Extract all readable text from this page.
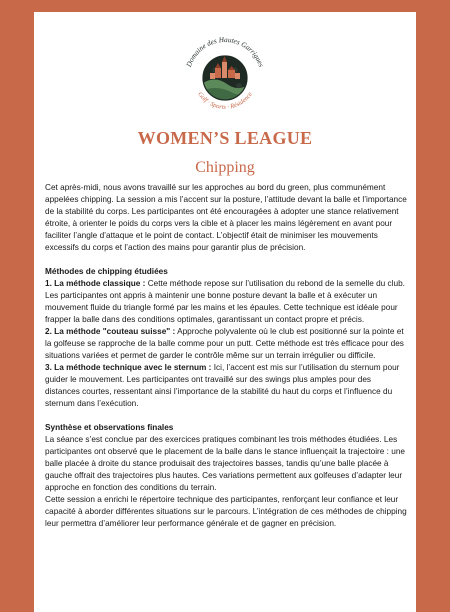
Domaine des Hautes Garrigues
Golf · Sports · Résidence
WOMEN’S LEAGUE
Chipping

Cet après-midi, nous avons travaillé sur les approches au bord du green, plus communément appelées chipping. La session a mis l’accent sur la posture, l’attitude devant la balle et l’importance de la stabilité du corps. Les participantes ont été encouragées à adopter une stance relativement étroite, à orienter le poids du corps vers la cible et à placer les mains légèrement en avant pour faciliter l’angle d’attaque et le point de contact. L’objectif était de minimiser les mouvements excessifs du corps et l’action des mains pour garantir plus de précision.

Méthodes de chipping étudiées

1. La méthode classique : Cette méthode repose sur l’utilisation du rebond de la semelle du club. Les participantes ont appris à maintenir une bonne posture devant la balle et à exécuter un mouvement fluide du triangle formé par les mains et les épaules. Cette technique est idéale pour frapper la balle dans des conditions optimales, garantissant un contact propre et précis.

2. La méthode "couteau suisse" : Approche polyvalente où le club est positionné sur la pointe et la golfeuse se rapproche de la balle comme pour un putt. Cette méthode est très efficace pour des situations variées et permet de garder le contrôle même sur un terrain irrégulier ou difficile.

3. La méthode technique avec le sternum : Ici, l’accent est mis sur l’utilisation du sternum pour guider le mouvement. Les participantes ont travaillé sur des swings plus amples pour des distances courtes, ressentant ainsi l’importance de la stabilité du haut du corps et l’influence du sternum dans l’exécution.

Synthèse et observations finales

La séance s’est conclue par des exercices pratiques combinant les trois méthodes étudiées. Les participantes ont observé que le placement de la balle dans le stance influençait la trajectoire : une balle placée à droite du stance produisait des trajectoires basses, tandis qu’une balle placée à gauche offrait des trajectoires plus hautes. Ces variations permettent aux golfeuses d’adapter leur approche en fonction des conditions du terrain.

Cette session a enrichi le répertoire technique des participantes, renforçant leur confiance et leur capacité à aborder différentes situations sur le parcours. L’intégration de ces méthodes de chipping leur permettra d’améliorer leur performance générale et de gagner en précision.
